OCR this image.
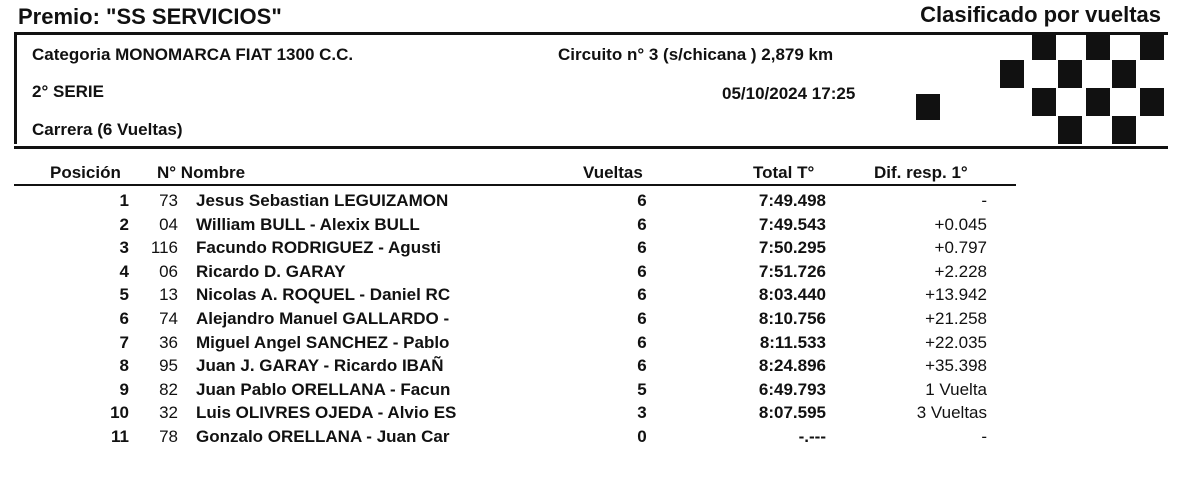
Premio: "SS SERVICIOS"	Clasificado por vueltas
Categoria MONOMARCA FIAT 1300 C.C.	Circuito n° 3 (s/chicana ) 2,879 km
2° SERIE	05/10/2024 17:25
Carrera (6 Vueltas)
Posición N° Nombre	Vueltas	Total T°	Dif. resp. 1°
1	73 Jesus Sebastian LEGUIZAMON	6	7:49.498	-
2	04 William BULL - Alexix BULL	6	7:49.543	+0.045
3	116 Facundo RODRIGUEZ - Agusti	6	7:50.295	+0.797
4	06 Ricardo D. GARAY	6	7:51.726	+2.228
5	13 Nicolas A. ROQUEL - Daniel RC	6	8:03.440	+13.942
6	74 Alejandro Manuel GALLARDO -	6	8:10.756	+21.258
7	36 Miguel Angel SANCHEZ - Pablo	6	8:11.533	+22.035
8	95 Juan J. GARAY - Ricardo IBAÑ	6	8:24.896	+35.398
9	82 Juan Pablo ORELLANA - Facun	5	6:49.793	1 Vuelta
10	32 Luis OLIVRES OJEDA - Alvio ES	3	8:07.595	3 Vueltas
11	78 Gonzalo ORELLANA - Juan Car	0	-.---	-
